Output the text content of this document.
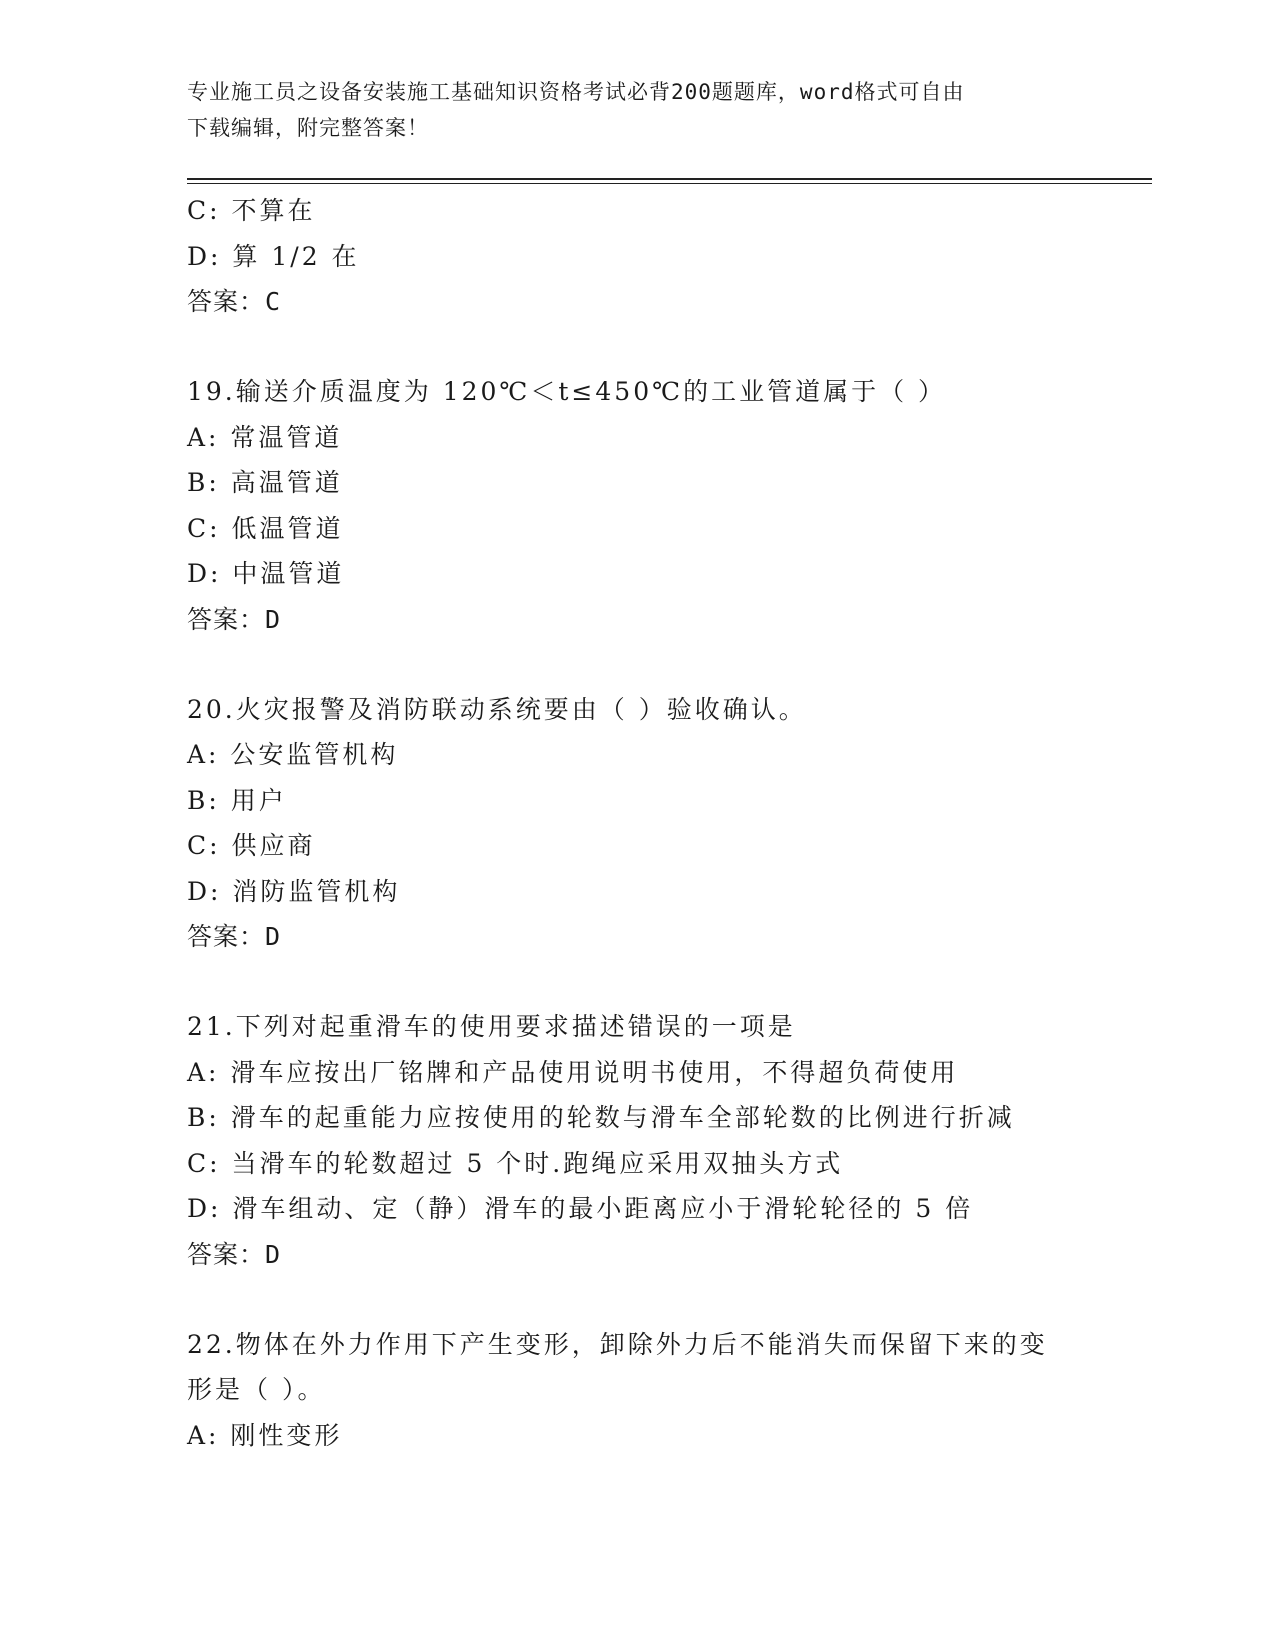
专业施工员之设备安装施工基础知识资格考试必背200题题库，word格式可自由
下载编辑，附完整答案！
C: 不算在
D: 算 1/2 在
答案：C
19.输送介质温度为 120℃＜t≤450℃的工业管道属于（ ）
A: 常温管道
B: 高温管道
C: 低温管道
D: 中温管道
答案：D
20.火灾报警及消防联动系统要由（ ）验收确认。
A: 公安监管机构
B: 用户
C: 供应商
D: 消防监管机构
答案：D
21.下列对起重滑车的使用要求描述错误的一项是
A: 滑车应按出厂铭牌和产品使用说明书使用，不得超负荷使用
B: 滑车的起重能力应按使用的轮数与滑车全部轮数的比例进行折减
C: 当滑车的轮数超过 5 个时.跑绳应采用双抽头方式
D: 滑车组动、定（静）滑车的最小距离应小于滑轮轮径的 5 倍
答案：D
22.物体在外力作用下产生变形，卸除外力后不能消失而保留下来的变形是（ ）。
A: 刚性变形
